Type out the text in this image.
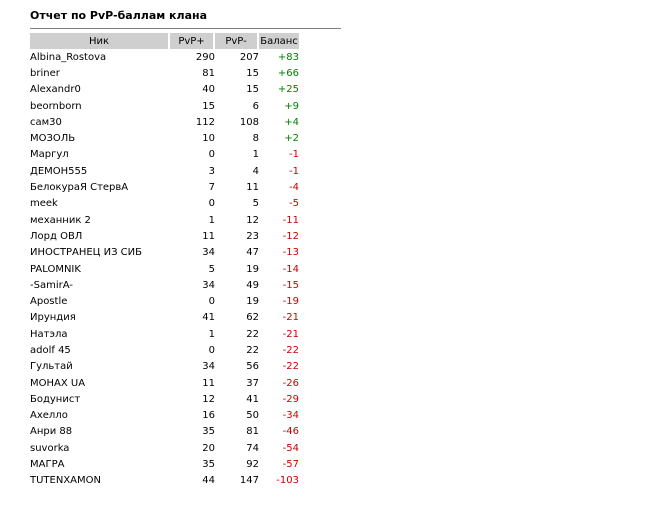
Отчет по PvP-баллам клана
Ник	PvP+	PvP-	Баланс
Albina_Rostova	290	207	+83
briner	81	15	+66
Alexandr0	40	15	+25
beornborn	15	6	+9
сам30	112	108	+4
МОЗОЛЬ	10	8	+2
Маргул	0	1	-1
ДЕМОН555	3	4	-1
БелокураЯ СтервА	7	11	-4
meek	0	5	-5
механник 2	1	12	-11
Лорд ОВЛ	11	23	-12
ИНОСТРАНЕЦ ИЗ СИБ	34	47	-13
PALOMNIK	5	19	-14
-SamirA-	34	49	-15
Apostle	0	19	-19
Ирундия	41	62	-21
Натэла	1	22	-21
adolf 45	0	22	-22
Гультай	34	56	-22
MOHAX UA	11	37	-26
Бодунист	12	41	-29
Ахелло	16	50	-34
Анри 88	35	81	-46
suvorka	20	74	-54
МАГРА	35	92	-57
TUTENXAMON	44	147	-103
